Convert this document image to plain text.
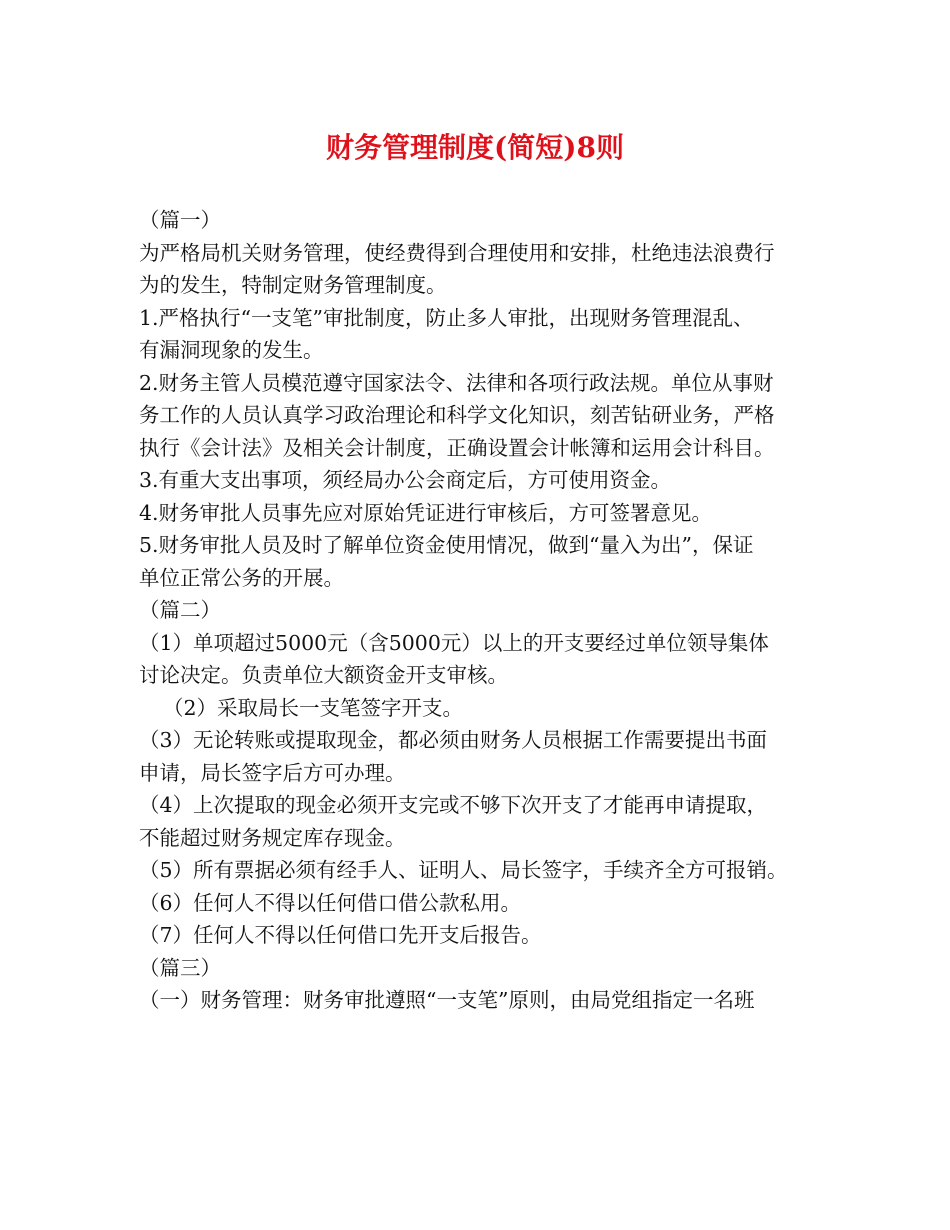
财务管理制度(简短)8则

（篇一）

为严格局机关财务管理，使经费得到合理使用和安排，杜绝违法浪费行

为的发生，特制定财务管理制度。

1.严格执行“一支笔”审批制度，防止多人审批，出现财务管理混乱、

有漏洞现象的发生。

2.财务主管人员模范遵守国家法令、法律和各项行政法规。单位从事财

务工作的人员认真学习政治理论和科学文化知识，刻苦钻研业务，严格

执行《会计法》及相关会计制度，正确设置会计帐簿和运用会计科目。

3.有重大支出事项，须经局办公会商定后，方可使用资金。

4.财务审批人员事先应对原始凭证进行审核后，方可签署意见。

5.财务审批人员及时了解单位资金使用情况，做到“量入为出”，保证

单位正常公务的开展。

（篇二）

（1）单项超过5000元（含5000元）以上的开支要经过单位领导集体

讨论决定。负责单位大额资金开支审核。

（2）采取局长一支笔签字开支。

（3）无论转账或提取现金，都必须由财务人员根据工作需要提出书面

申请，局长签字后方可办理。

（4）上次提取的现金必须开支完或不够下次开支了才能再申请提取，

不能超过财务规定库存现金。

（5）所有票据必须有经手人、证明人、局长签字，手续齐全方可报销。

（6）任何人不得以任何借口借公款私用。

（7）任何人不得以任何借口先开支后报告。

（篇三）

（一）财务管理：财务审批遵照“一支笔”原则，由局党组指定一名班
